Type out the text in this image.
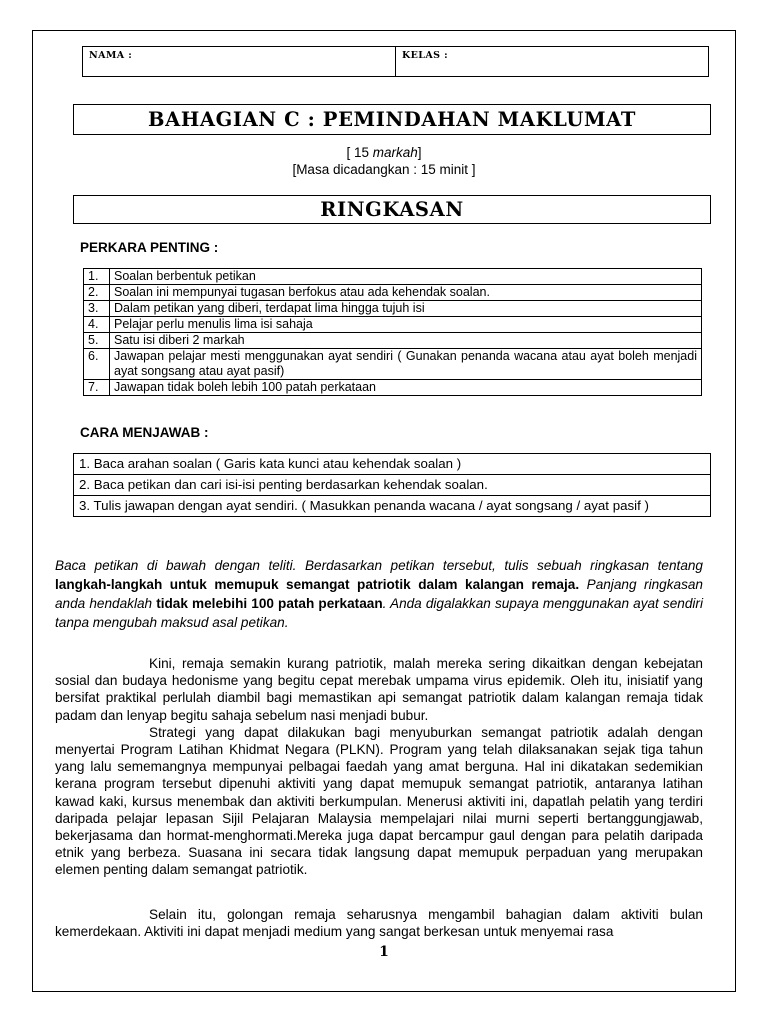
NAMA :	KELAS :
BAHAGIAN C : PEMINDAHAN MAKLUMAT
[ 15 markah]
[Masa dicadangkan : 15 minit ]
RINGKASAN
PERKARA PENTING :
1.	Soalan berbentuk petikan
2.	Soalan ini mempunyai tugasan berfokus atau ada kehendak soalan.
3.	Dalam petikan yang diberi, terdapat lima hingga tujuh isi
4.	Pelajar perlu menulis lima isi sahaja
5.	Satu isi diberi 2 markah
6.	Jawapan pelajar mesti menggunakan ayat sendiri ( Gunakan penanda wacana atau ayat boleh menjadi ayat songsang atau ayat pasif)
7.	Jawapan tidak boleh lebih 100 patah perkataan
CARA MENJAWAB :
1. Baca arahan soalan ( Garis kata kunci atau kehendak soalan )
2. Baca petikan dan cari isi-isi penting berdasarkan kehendak soalan.
3. Tulis jawapan dengan ayat sendiri. ( Masukkan penanda wacana / ayat songsang / ayat pasif )
Baca petikan di bawah dengan teliti. Berdasarkan petikan tersebut, tulis sebuah ringkasan tentang langkah-langkah untuk memupuk semangat patriotik dalam kalangan remaja. Panjang ringkasan anda hendaklah tidak melebihi 100 patah perkataan. Anda digalakkan supaya menggunakan ayat sendiri tanpa mengubah maksud asal petikan.

Kini, remaja semakin kurang patriotik, malah mereka sering dikaitkan dengan kebejatan sosial dan budaya hedonisme yang begitu cepat merebak umpama virus epidemik. Oleh itu, inisiatif yang bersifat praktikal perlulah diambil bagi memastikan api semangat patriotik dalam kalangan remaja tidak padam dan lenyap begitu sahaja sebelum nasi menjadi bubur.

Strategi yang dapat dilakukan bagi menyuburkan semangat patriotik adalah dengan menyertai Program Latihan Khidmat Negara (PLKN). Program yang telah dilaksanakan sejak tiga tahun yang lalu sememangnya mempunyai pelbagai faedah yang amat berguna. Hal ini dikatakan sedemikian kerana program tersebut dipenuhi aktiviti yang dapat memupuk semangat patriotik, antaranya latihan kawad kaki, kursus menembak dan aktiviti berkumpulan. Menerusi aktiviti ini, dapatlah pelatih yang terdiri daripada pelajar lepasan Sijil Pelajaran Malaysia mempelajari nilai murni seperti bertanggungjawab, bekerjasama dan hormat-menghormati.Mereka juga dapat bercampur gaul dengan para pelatih daripada etnik yang berbeza. Suasana ini secara tidak langsung dapat memupuk perpaduan yang merupakan elemen penting dalam semangat patriotik.

Selain itu, golongan remaja seharusnya mengambil bahagian dalam aktiviti bulan kemerdekaan. Aktiviti ini dapat menjadi medium yang sangat berkesan untuk menyemai rasa

1
